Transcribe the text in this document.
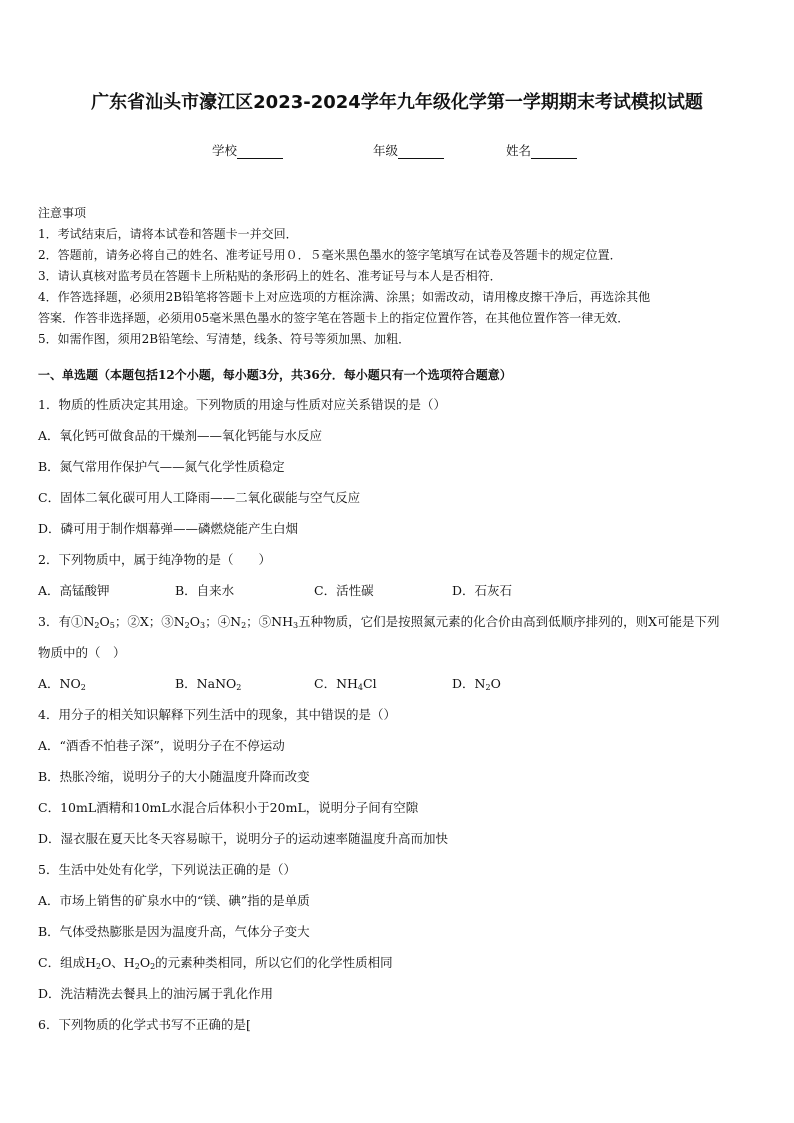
广东省汕头市濠江区2023-2024学年九年级化学第一学期期末考试模拟试题
学校	年级	姓名
注意事项
1．考试结束后，请将本试卷和答题卡一并交回．
2．答题前，请务必将自己的姓名、准考证号用０．５毫米黑色墨水的签字笔填写在试卷及答题卡的规定位置．
3．请认真核对监考员在答题卡上所粘贴的条形码上的姓名、准考证号与本人是否相符．
4．作答选择题，必须用2B铅笔将答题卡上对应选项的方框涂满、涂黑；如需改动，请用橡皮擦干净后，再选涂其他
答案．作答非选择题，必须用05毫米黑色墨水的签字笔在答题卡上的指定位置作答，在其他位置作答一律无效．
5．如需作图，须用2B铅笔绘、写清楚，线条、符号等须加黑、加粗．
一、单选题（本题包括12个小题，每小题3分，共36分．每小题只有一个选项符合题意）
1．物质的性质决定其用途。下列物质的用途与性质对应关系错误的是（）
A．氧化钙可做食品的干燥剂——氧化钙能与水反应
B．氮气常用作保护气——氮气化学性质稳定
C．固体二氧化碳可用人工降雨——二氧化碳能与空气反应
D．磷可用于制作烟幕弹——磷燃烧能产生白烟
2．下列物质中，属于纯净物的是（　　）
A．高锰酸钾	B．自来水	C．活性碳	D．石灰石
3．有$①N_2O_5$；②X；$③N_2O_3$；$④N_2$；$⑤NH_3$五种物质，它们是按照氮元素的化合价由高到低顺序排列的，则X可能是下列
物质中的（　）
A．$NO_2$	B．NaNO$_2$	C．$NH_4Cl$	D．$N_2O$
4．用分子的相关知识解释下列生活中的现象，其中错误的是（）
A．“酒香不怕巷子深”，说明分子在不停运动
B．热胀冷缩，说明分子的大小随温度升降而改变
C．10mL酒精和10mL水混合后体积小于20mL，说明分子间有空隙
D．湿衣服在夏天比冬天容易晾干，说明分子的运动速率随温度升高而加快
5．生活中处处有化学，下列说法正确的是（）
A．市场上销售的矿泉水中的“镁、碘”指的是单质
B．气体受热膨胀是因为温度升高，气体分子变大
C．组成$H_2O$、$H_2O_2$的元素种类相同，所以它们的化学性质相同
D．洗洁精洗去餐具上的油污属于乳化作用
6．下列物质的化学式书写不正确的是[
